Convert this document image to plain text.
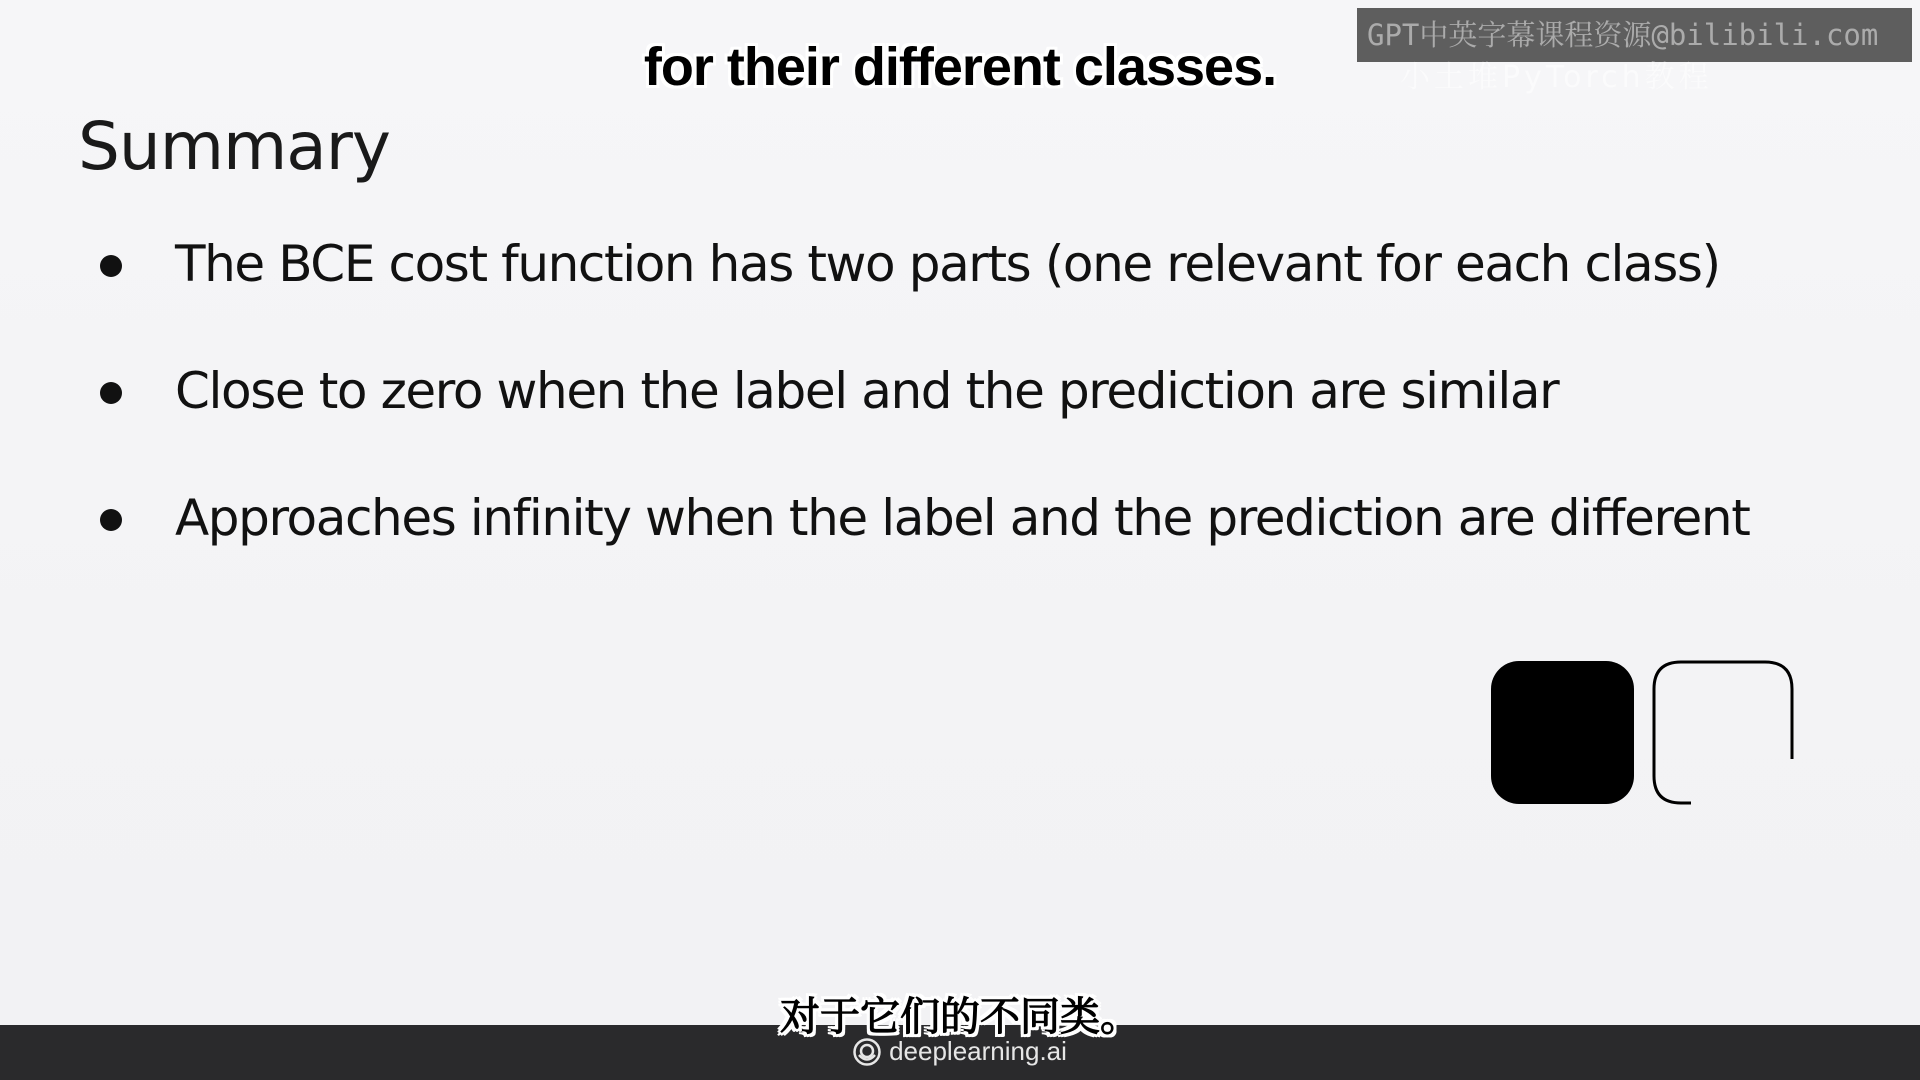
GPT中英字幕课程资源@bilibili.com
小土堆PyTorch教程
for their different classes.
Summary
The BCE cost function has two parts (one relevant for each class)
Close to zero when the label and the prediction are similar
Approaches infinity when the label and the prediction are different
deeplearning.ai
对于它们的不同类。
